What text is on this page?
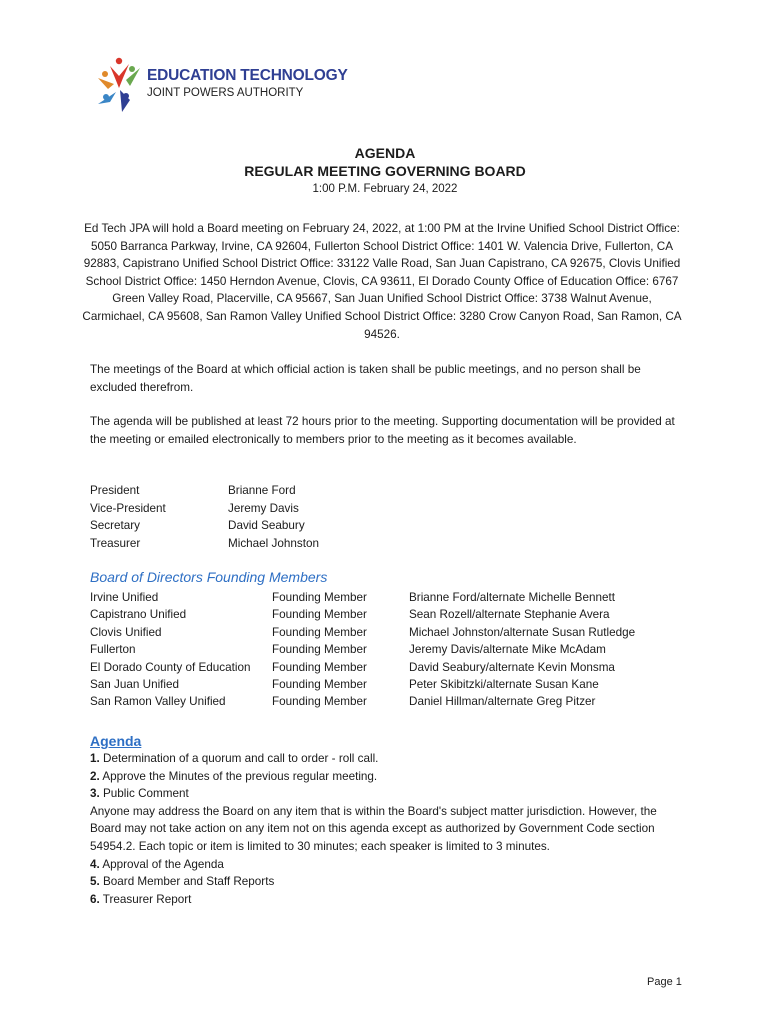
EDUCATION TECHNOLOGY
JOINT POWERS AUTHORITY
AGENDA
REGULAR MEETING GOVERNING BOARD
1:00 P.M. February 24, 2022
Ed Tech JPA will hold a Board meeting on February 24, 2022, at 1:00 PM at the Irvine Unified School District Office: 5050 Barranca Parkway, Irvine, CA 92604, Fullerton School District Office: 1401 W. Valencia Drive, Fullerton, CA 92883, Capistrano Unified School District Office: 33122 Valle Road, San Juan Capistrano, CA 92675, Clovis Unified School District Office: 1450 Herndon Avenue, Clovis, CA 93611, El Dorado County Office of Education Office: 6767 Green Valley Road, Placerville, CA 95667, San Juan Unified School District Office: 3738 Walnut Avenue, Carmichael, CA 95608, San Ramon Valley Unified School District Office: 3280 Crow Canyon Road, San Ramon, CA 94526.
The meetings of the Board at which official action is taken shall be public meetings, and no person shall be excluded therefrom.
The agenda will be published at least 72 hours prior to the meeting. Supporting documentation will be provided at the meeting or emailed electronically to members prior to the meeting as it becomes available.
President	Brianne Ford
Vice-President	Jeremy Davis
Secretary	David Seabury
Treasurer	Michael Johnston
Board of Directors Founding Members
Irvine Unified	Founding Member	Brianne Ford/alternate Michelle Bennett
Capistrano Unified	Founding Member	Sean Rozell/alternate Stephanie Avera
Clovis Unified	Founding Member	Michael Johnston/alternate Susan Rutledge
Fullerton	Founding Member	Jeremy Davis/alternate Mike McAdam
El Dorado County of Education	Founding Member	David Seabury/alternate Kevin Monsma
San Juan Unified	Founding Member	Peter Skibitzki/alternate Susan Kane
San Ramon Valley Unified	Founding Member	Daniel Hillman/alternate Greg Pitzer
Agenda
1. Determination of a quorum and call to order - roll call.
2. Approve the Minutes of the previous regular meeting.
3. Public Comment
Anyone may address the Board on any item that is within the Board's subject matter jurisdiction. However, the Board may not take action on any item not on this agenda except as authorized by Government Code section 54954.2. Each topic or item is limited to 30 minutes; each speaker is limited to 3 minutes.
4. Approval of the Agenda
5. Board Member and Staff Reports
6. Treasurer Report
Page 1
